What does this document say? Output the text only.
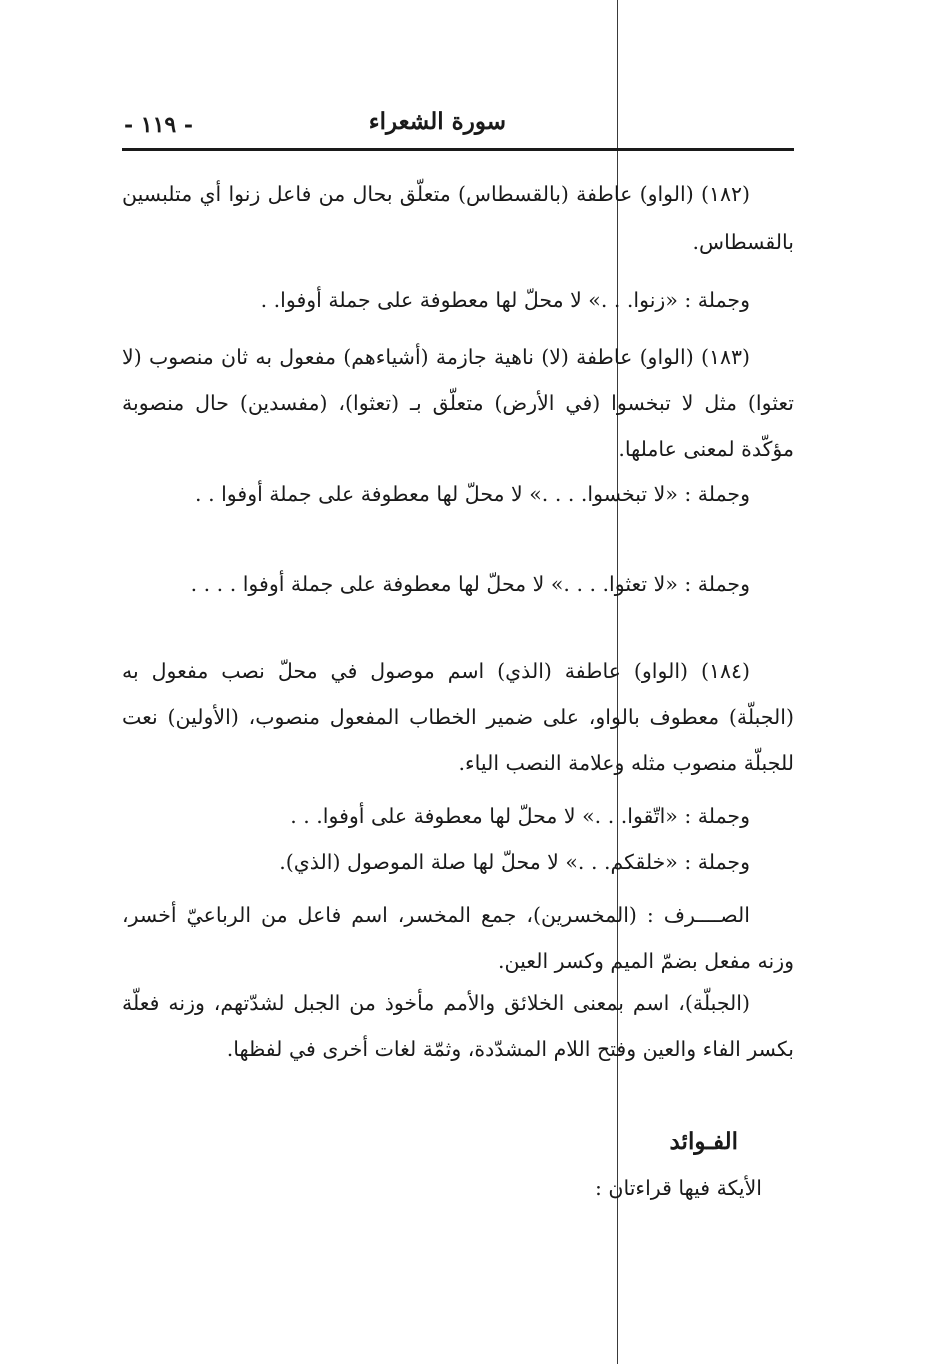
سورة الشعراء
- ١١٩ -

(١٨٢) (الواو) عاطفة (بالقسطاس) متعلّق بحال من فاعل زنوا أي متلبسين بالقسطاس.

وجملة : «زنوا. . .» لا محلّ لها معطوفة على جملة أوفوا. .

(١٨٣) (الواو) عاطفة (لا) ناهية جازمة (أشياءهم) مفعول به ثان منصوب (لا تعثوا) مثل لا تبخسوا (في الأرض) متعلّق بـ (تعثوا)، (مفسدين) حال منصوبة مؤكّدة لمعنى عاملها.

وجملة : «لا تبخسوا. . . .» لا محلّ لها معطوفة على جملة أوفوا . .

وجملة : «لا تعثوا. . . .» لا محلّ لها معطوفة على جملة أوفوا . . . .

(١٨٤) (الواو) عاطفة (الذي) اسم موصول في محلّ نصب مفعول به (الجبلّة) معطوف بالواو، على ضمير الخطاب المفعول منصوب، (الأولين) نعت للجبلّة منصوب مثله وعلامة النصب الياء.

وجملة : «اتّقوا. . .» لا محلّ لها معطوفة على أوفوا. . .

وجملة : «خلقكم. . .» لا محلّ لها صلة الموصول (الذي).

الصــــرف : (المخسرين)، جمع المخسر، اسم فاعل من الرباعيّ أخسر، وزنه مفعل بضمّ الميم وكسر العين.

(الجبلّة)، اسم بمعنى الخلائق والأمم مأخوذ من الجبل لشدّتهم، وزنه فعلّة بكسر الفاء والعين وفتح اللام المشدّدة، وثمّة لغات أخرى في لفظها.

الفـوائد
الأيكة فيها قراءتان :
